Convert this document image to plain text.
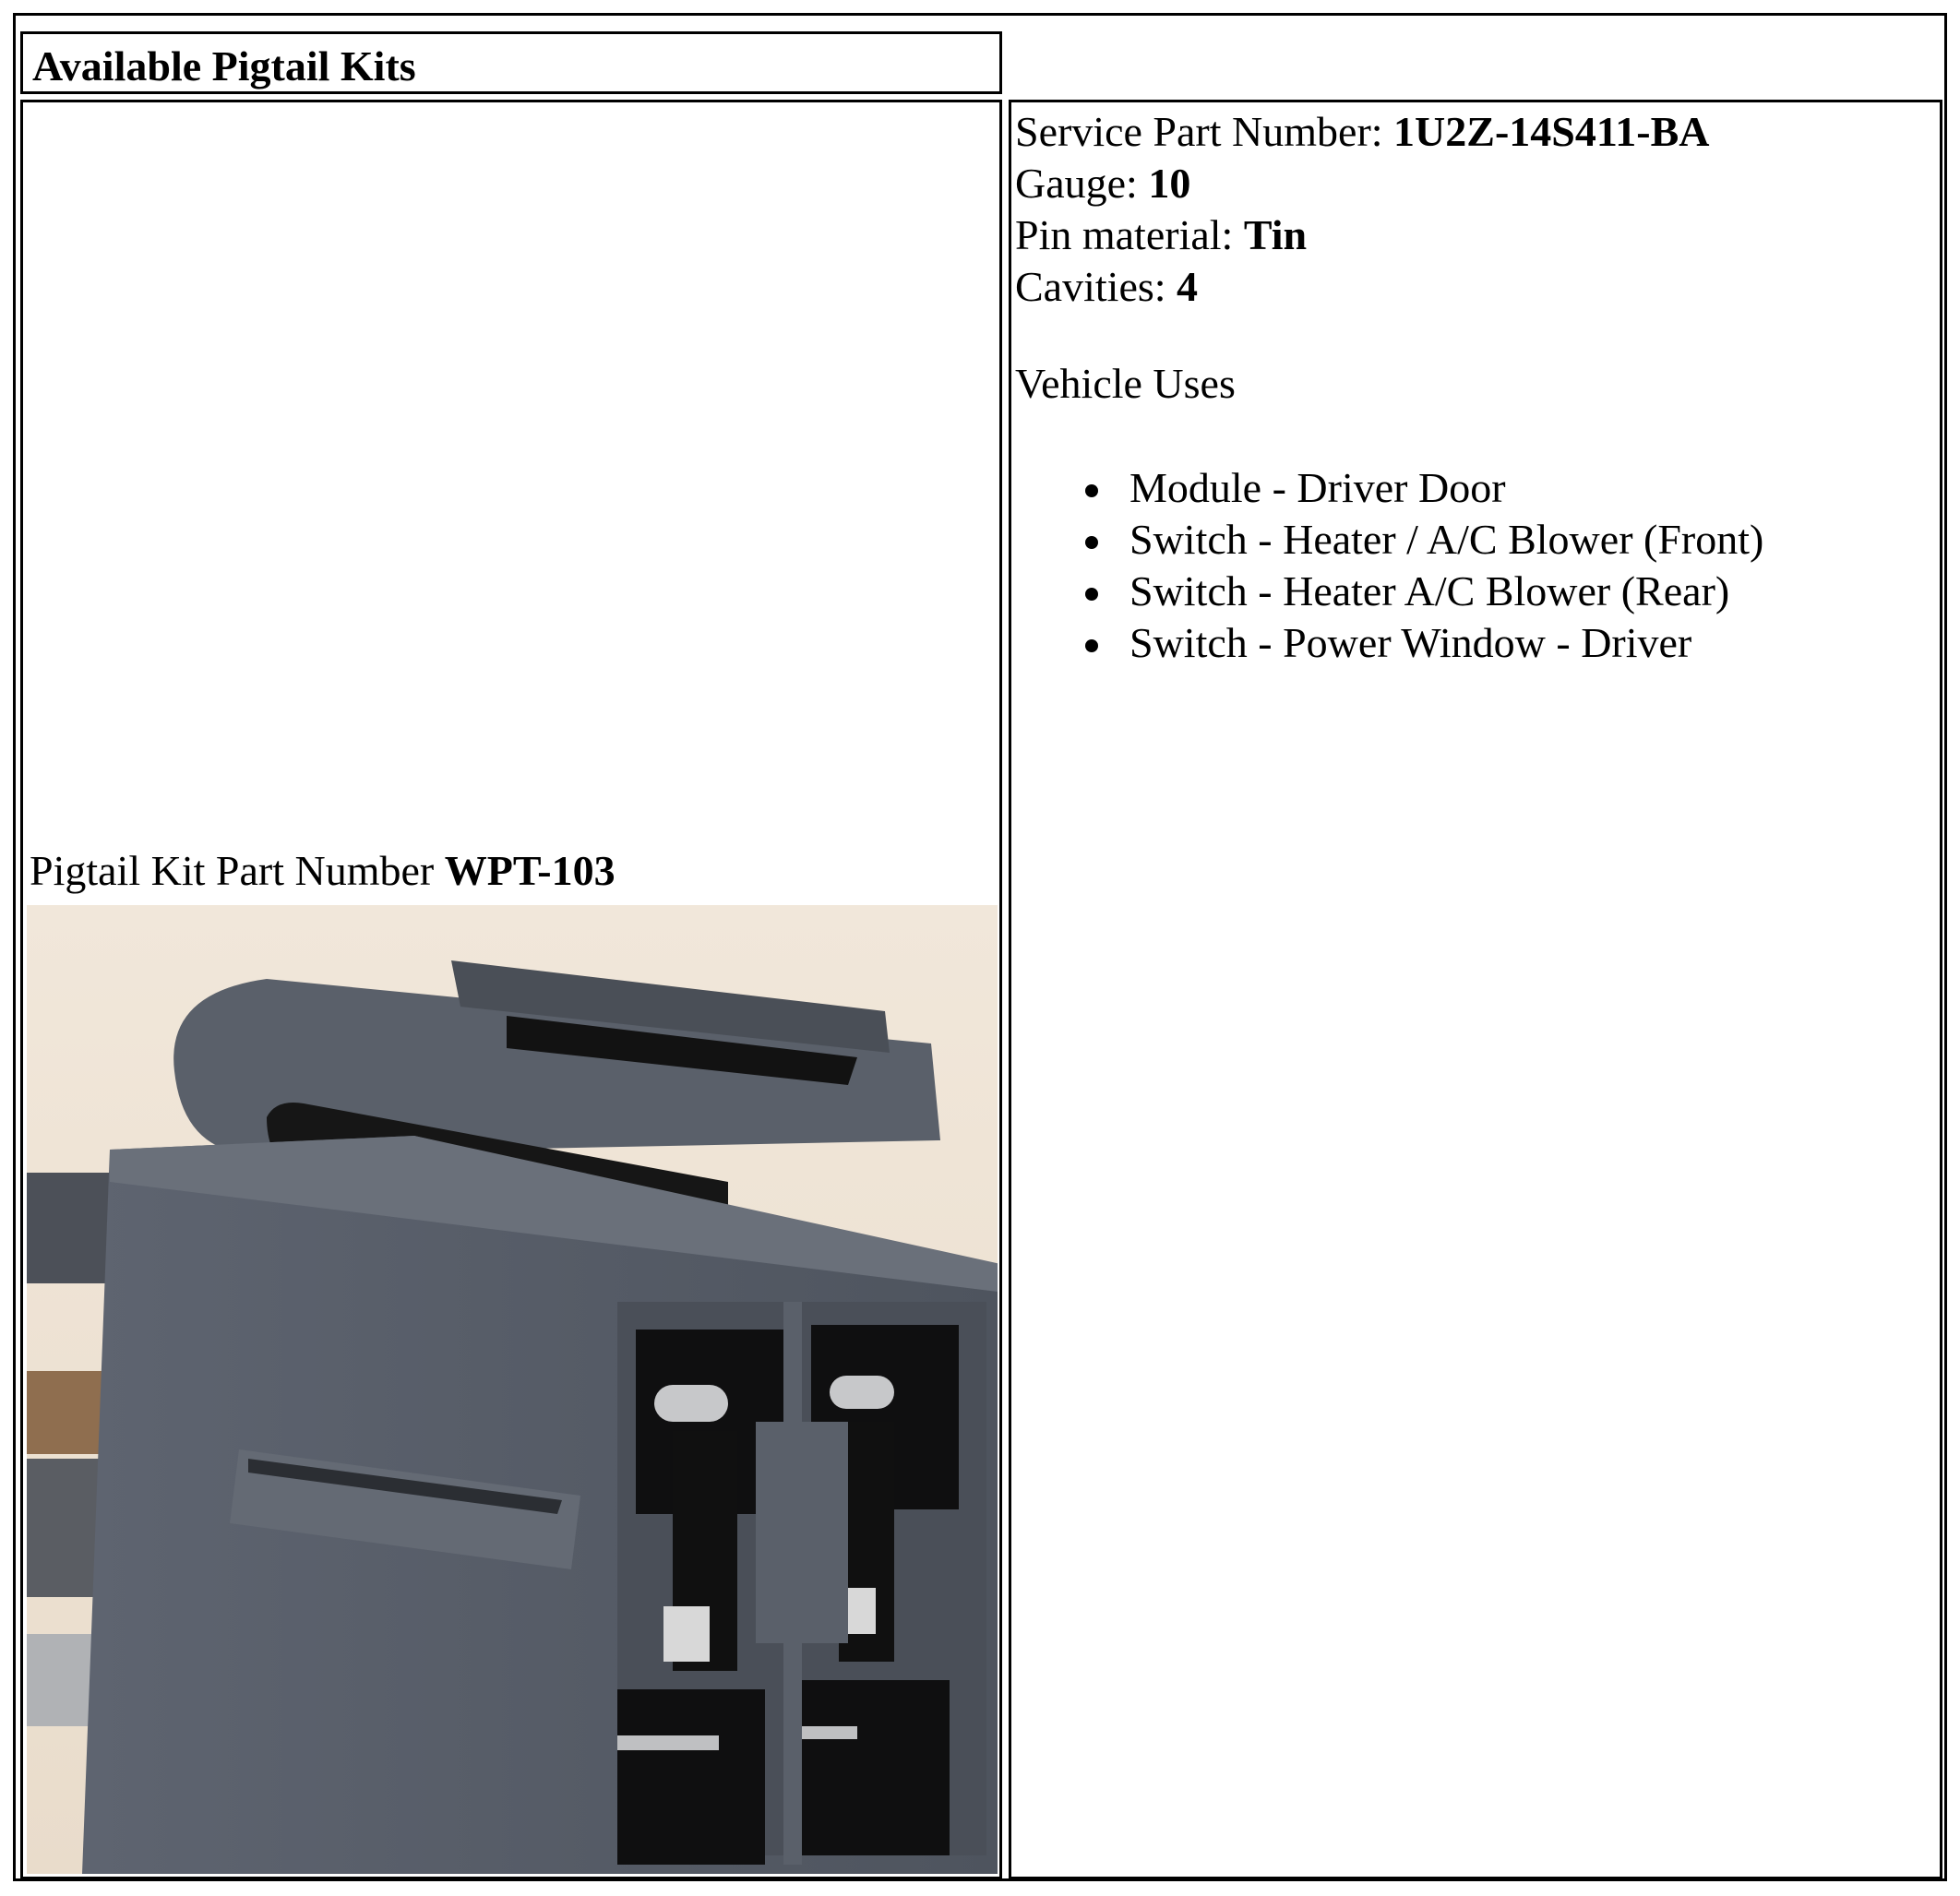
Available Pigtail Kits
Pigtail Kit Part Number WPT-103
Service Part Number: 1U2Z-14S411-BA
Gauge: 10
Pin material: Tin
Cavities: 4
Vehicle Uses
Module - Driver Door
Switch - Heater / A/C Blower (Front)
Switch - Heater A/C Blower (Rear)
Switch - Power Window - Driver
